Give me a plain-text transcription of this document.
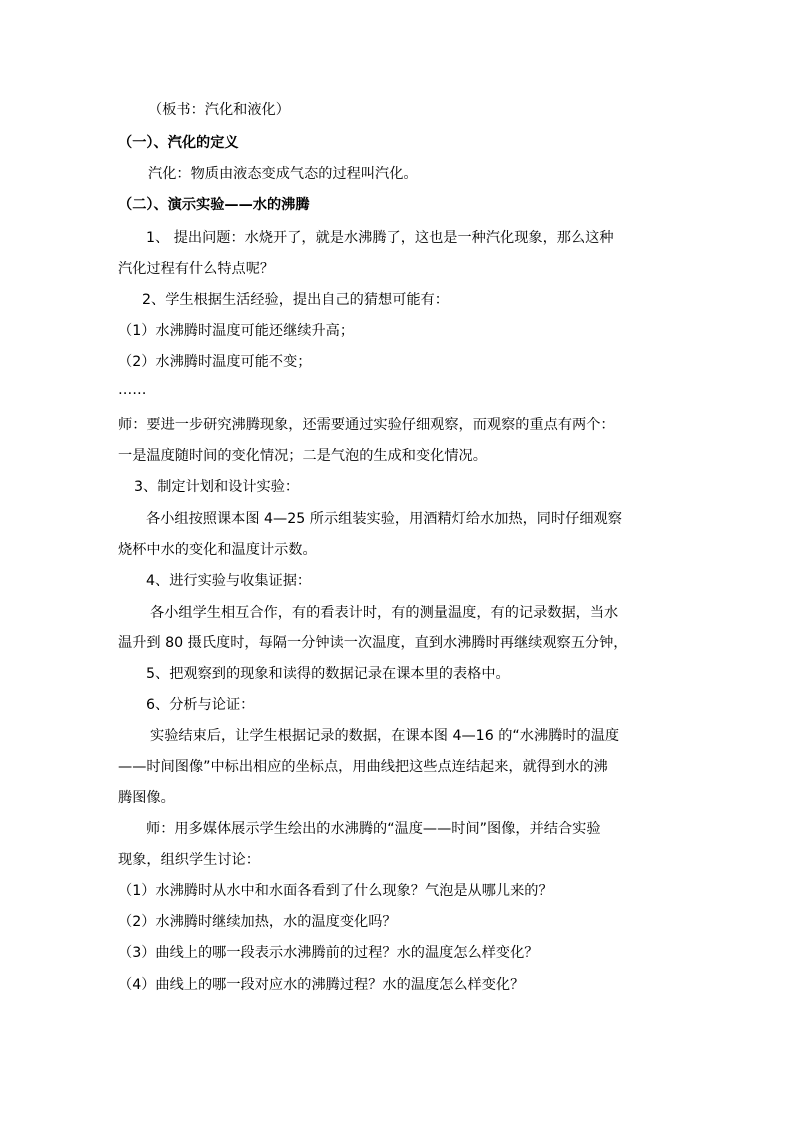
（板书：汽化和液化）
（一）、汽化的定义
汽化：物质由液态变成气态的过程叫汽化。
（二）、演示实验——水的沸腾
1、 提出问题：水烧开了，就是水沸腾了，这也是一种汽化现象，那么这种
汽化过程有什么特点呢？
2、学生根据生活经验，提出自己的猜想可能有：
（1）水沸腾时温度可能还继续升高；
（2）水沸腾时温度可能不变；
……
师：要进一步研究沸腾现象，还需要通过实验仔细观察，而观察的重点有两个：
一是温度随时间的变化情况；二是气泡的生成和变化情况。
3、制定计划和设计实验：
各小组按照课本图 4—25 所示组装实验，用酒精灯给水加热，同时仔细观察
烧杯中水的变化和温度计示数。
4、进行实验与收集证据：
各小组学生相互合作，有的看表计时，有的测量温度，有的记录数据，当水
温升到 80 摄氏度时，每隔一分钟读一次温度，直到水沸腾时再继续观察五分钟，
5、把观察到的现象和读得的数据记录在课本里的表格中。
6、分析与论证：
实验结束后，让学生根据记录的数据，在课本图 4—16 的“水沸腾时的温度
——时间图像”中标出相应的坐标点，用曲线把这些点连结起来，就得到水的沸
腾图像。
师：用多媒体展示学生绘出的水沸腾的“温度——时间”图像，并结合实验
现象，组织学生讨论：
（1）水沸腾时从水中和水面各看到了什么现象？气泡是从哪儿来的？
（2）水沸腾时继续加热，水的温度变化吗？
（3）曲线上的哪一段表示水沸腾前的过程？水的温度怎么样变化？
（4）曲线上的哪一段对应水的沸腾过程？水的温度怎么样变化？
